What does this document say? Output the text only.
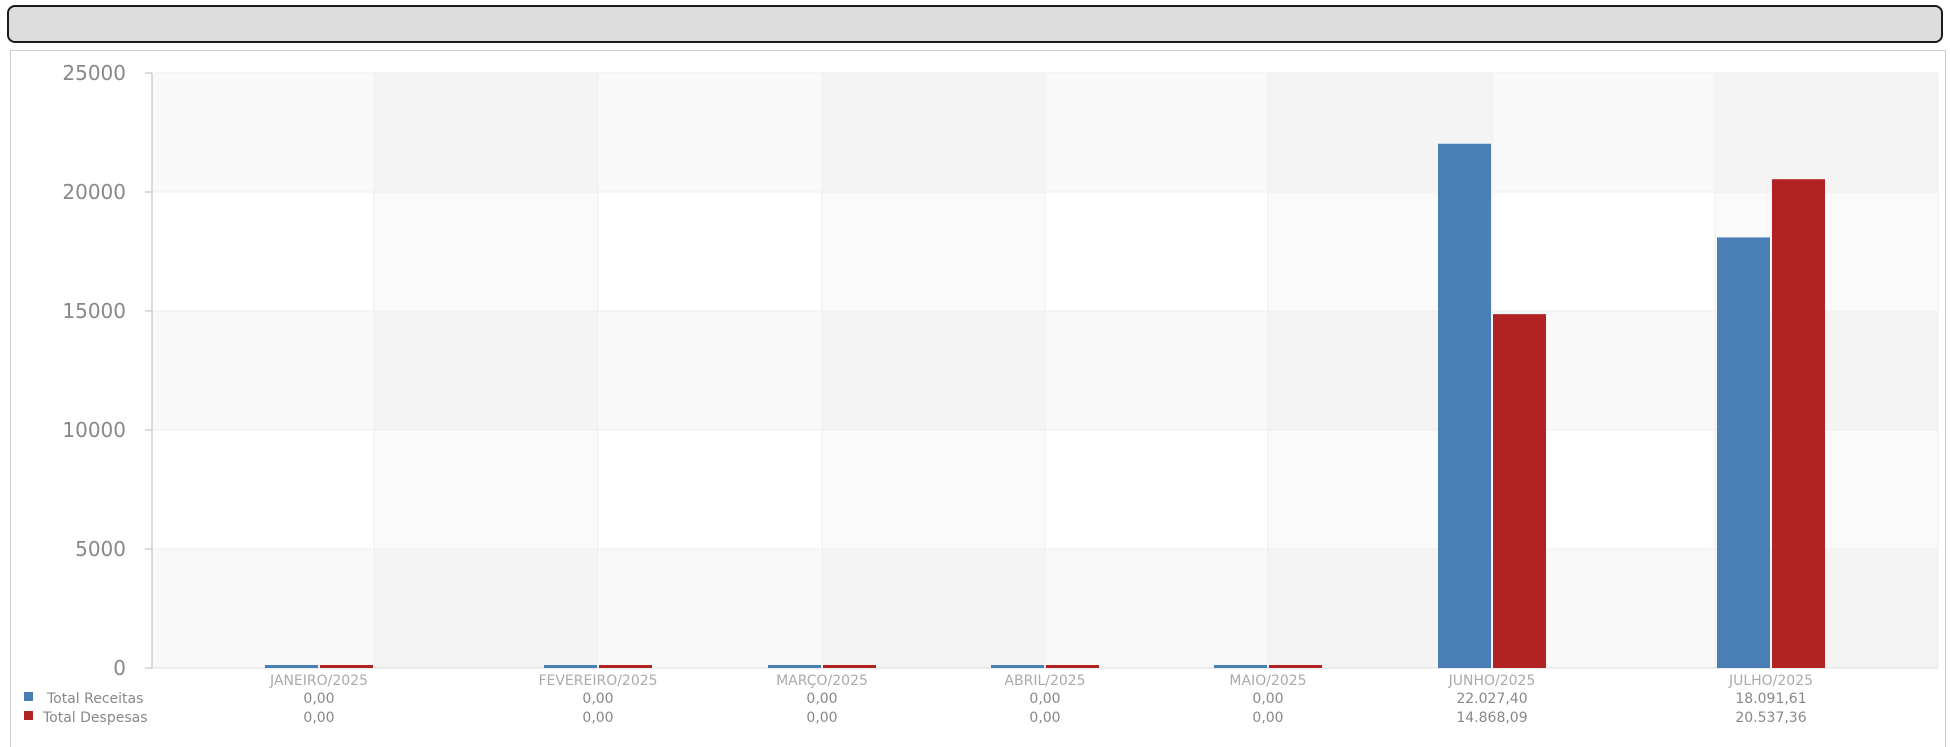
0
5000
10000
15000
20000
25000
JANEIRO/2025	FEVEREIRO/2025	MARÇO/2025	ABRIL/2025	MAIO/2025	JUNHO/2025	JULHO/2025
Total Receitas	0,00	0,00	0,00	0,00	0,00	22.027,40	18.091,61
Total Despesas	0,00	0,00	0,00	0,00	0,00	14.868,09	20.537,36
